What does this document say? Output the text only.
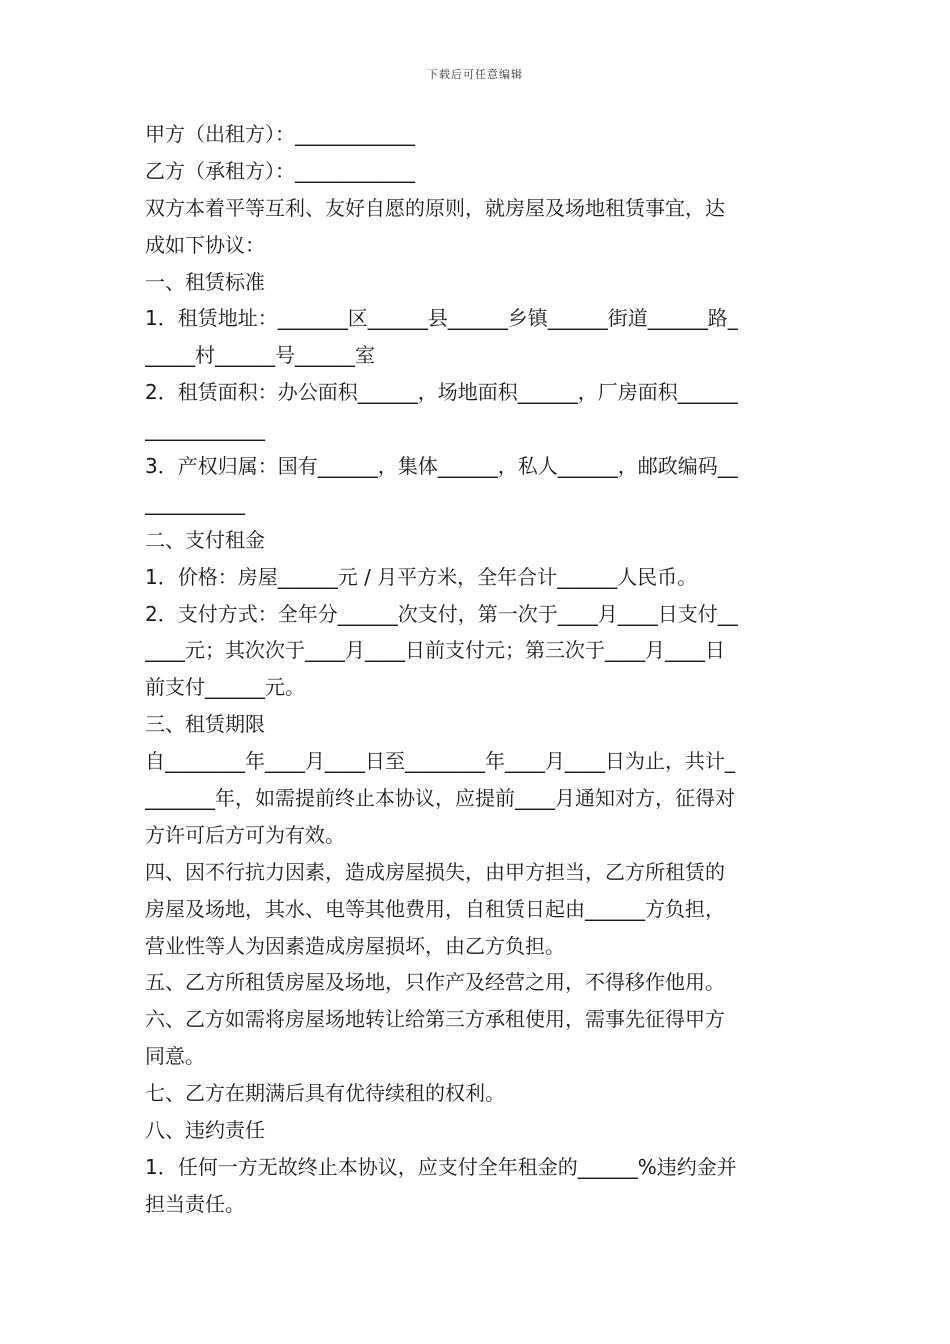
下载后可任意编辑
甲方（出租方）：____________
乙方（承租方）：____________
双方本着平等互利、友好自愿的原则，就房屋及场地租赁事宜，达
成如下协议：
一、租赁标准
1．租赁地址：_______区______县______乡镇______街道______路_
_____村______号______室
2．租赁面积：办公面积______，场地面积______，厂房面积______
____________
3．产权归属：国有______，集体______，私人______，邮政编码__
__________
二、支付租金
1．价格：房屋______元 / 月平方米，全年合计______人民币。
2．支付方式：全年分______次支付，第一次于____月____日支付__
____元；其次次于____月____日前支付元；第三次于____月____日
前支付______元。
三、租赁期限
自________年____月____日至________年____月____日为止，共计_
_______年，如需提前终止本协议，应提前____月通知对方，征得对
方许可后方可为有效。
四、因不行抗力因素，造成房屋损失，由甲方担当，乙方所租赁的
房屋及场地，其水、电等其他费用，自租赁日起由______方负担，
营业性等人为因素造成房屋损坏，由乙方负担。
五、乙方所租赁房屋及场地，只作产及经营之用，不得移作他用。
六、乙方如需将房屋场地转让给第三方承租使用，需事先征得甲方
同意。
七、乙方在期满后具有优待续租的权利。
八、违约责任
1．任何一方无故终止本协议，应支付全年租金的______%违约金并
担当责任。
